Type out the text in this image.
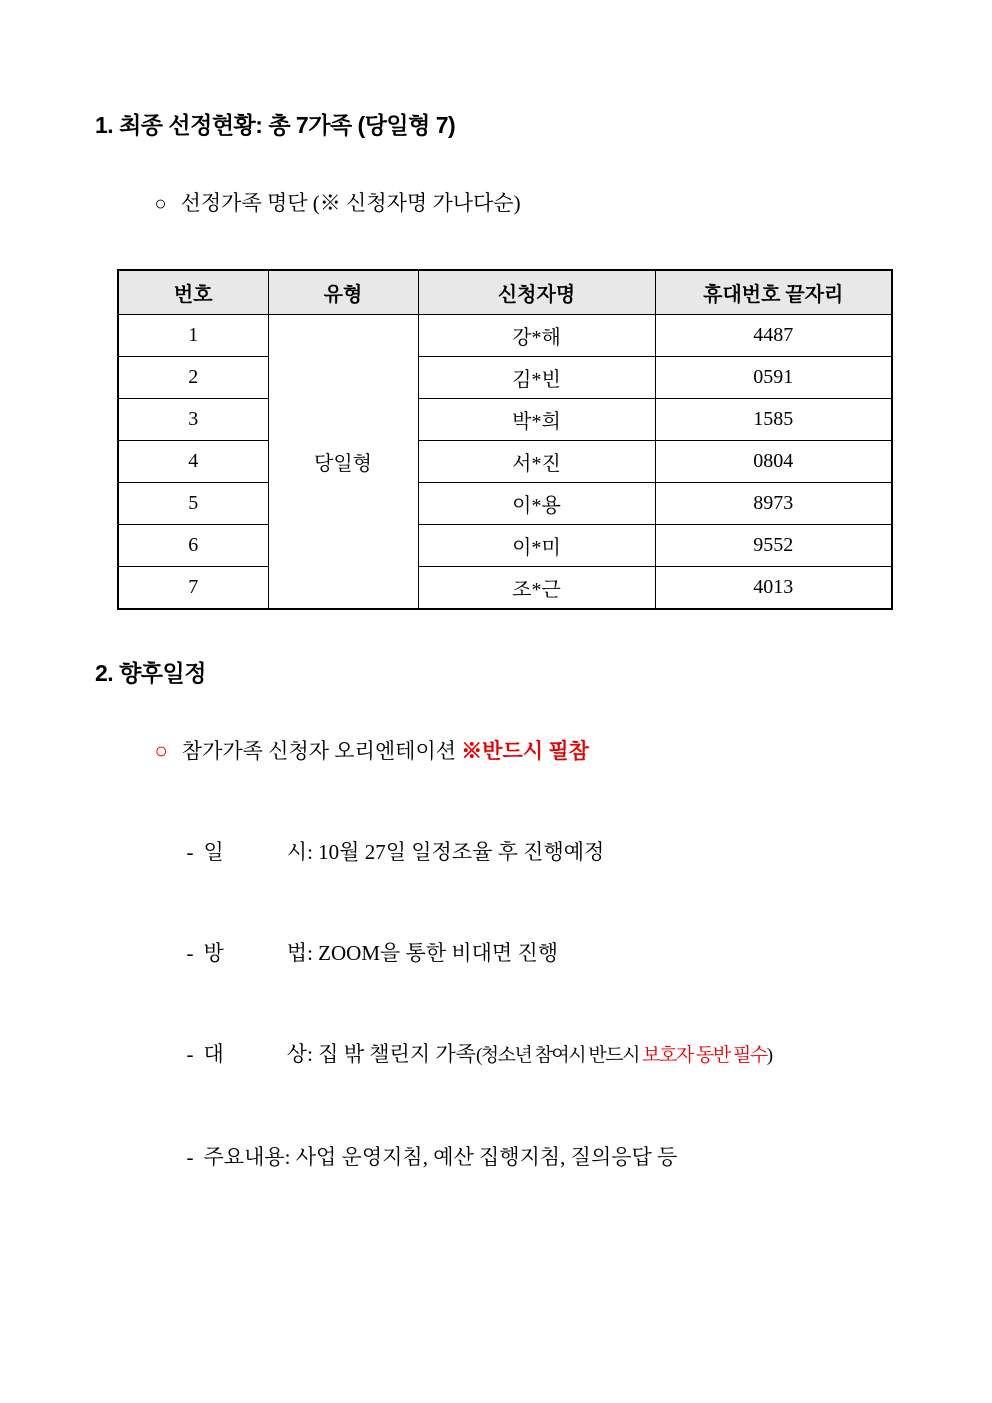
1. 최종 선정현황: 총 7가족 (당일형 7)

○ 선정가족 명단 (※ 신청자명 가나다순)

번호	유형	신청자명	휴대번호 끝자리
1	당일형	강*해	4487
2		김*빈	0591
3		박*희	1585
4		서*진	0804
5		이*용	8973
6		이*미	9552
7		조*근	4013
2. 향후일정

○ 참가가족 신청자 오리엔테이션 ※반드시 필참

- 일            시: 10월 27일 일정조율 후 진행예정

- 방            법: ZOOM을 통한 비대면 진행

- 대            상: 집 밖 챌린지 가족(청소년 참여시 반드시 보호자 동반 필수)

- 주요내용: 사업 운영지침, 예산 집행지침, 질의응답 등
